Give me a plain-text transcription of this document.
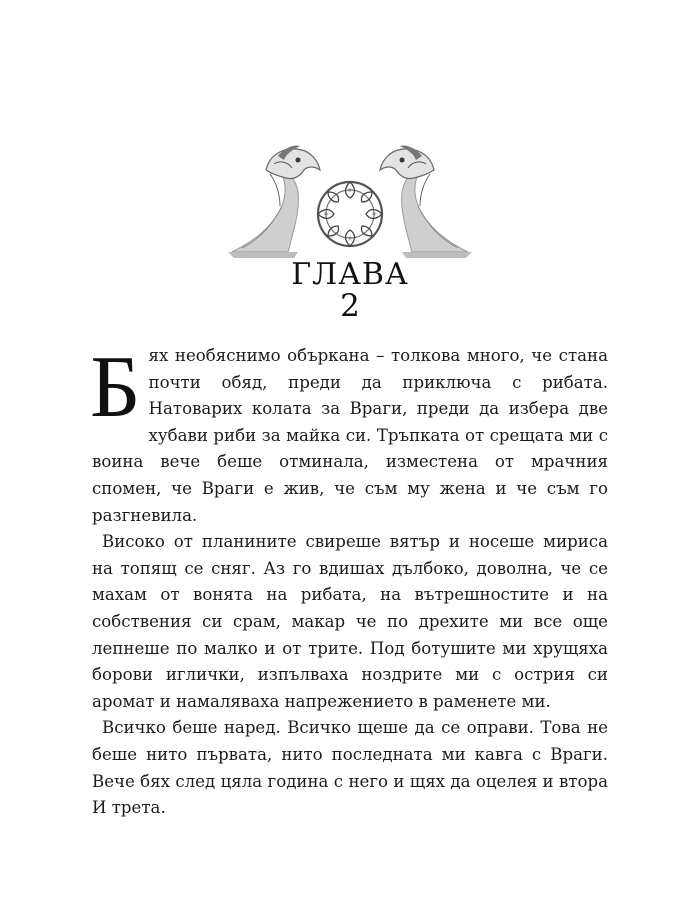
ГЛАВА
2

Бях необяснимо объркана – толкова много, че стана почти обяд, преди да приключа с рибата. Натоварих колата за Враги, преди да избера две хубави риби за майка си. Тръпката от срещата ми с воина вече беше отминала, изместена от мрачния спомен, че Враги е жив, че съм му жена и че съм го разгневила.

Високо от планините свиреше вятър и носеше мириса на топящ се сняг. Аз го вдишах дълбоко, доволна, че се махам от вонята на рибата, на вътрешностите и на собствения си срам, макар че по дрехите ми все още лепнеше по малко и от трите. Под ботушите ми хрущяха борови иглички, изпълваха ноздрите ми с острия си аромат и намаляваха напрежението в раменете ми.

Всичко беше наред. Всичко щеше да се оправи. Това не беше нито първата, нито последната ми кавга с Враги. Вече бях след цяла година с него и щях да оцелея и втора И трета.
